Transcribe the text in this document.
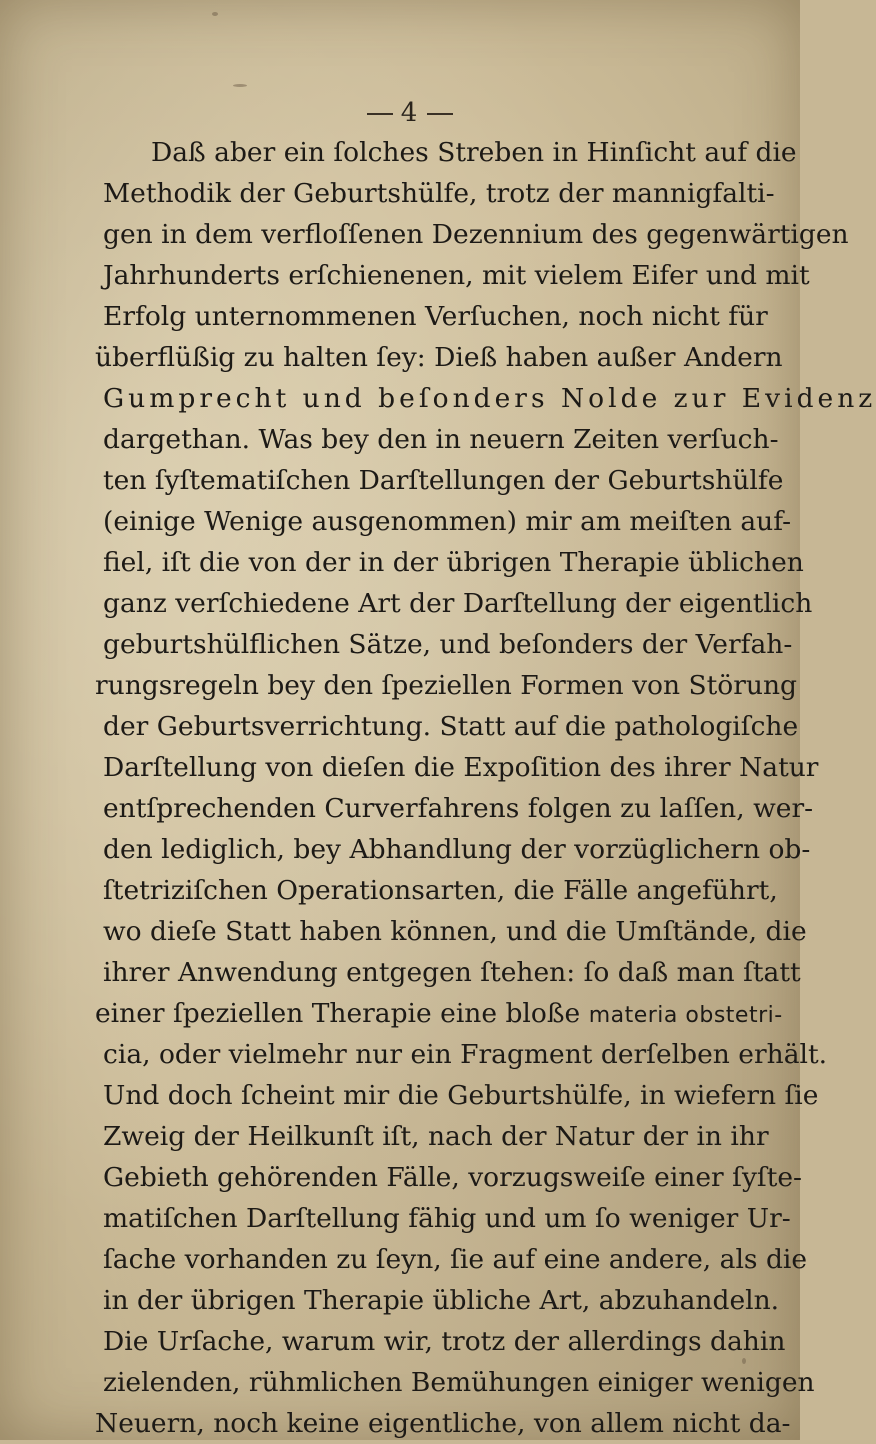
4
Daß aber ein ſolches Streben in Hinſicht auf die
Methodik der Geburtshülfe, trotz der mannigfalti-
gen in dem verfloſſenen Dezennium des gegenwärtigen
Jahrhunderts erſchienenen, mit vielem Eifer und mit
Erfolg unternommenen Verſuchen, noch nicht für
überflüßig zu halten ſey: Dieß haben außer Andern
Gumprecht und beſonders Nolde zur Evidenz
dargethan. Was bey den in neuern Zeiten verſuch-
ten ſyſtematiſchen Darſtellungen der Geburtshülfe
(einige Wenige ausgenommen) mir am meiſten auf-
fiel, iſt die von der in der übrigen Therapie üblichen
ganz verſchiedene Art der Darſtellung der eigentlich
geburtshülflichen Sätze, und beſonders der Verfah-
rungsregeln bey den ſpeziellen Formen von Störung
der Geburtsverrichtung. Statt auf die pathologiſche
Darſtellung von dieſen die Expoſition des ihrer Natur
entſprechenden Curverfahrens folgen zu laſſen, wer-
den lediglich, bey Abhandlung der vorzüglichern ob-
ſtetriziſchen Operationsarten, die Fälle angeführt,
wo dieſe Statt haben können, und die Umſtände, die
ihrer Anwendung entgegen ſtehen: ſo daß man ſtatt
einer ſpeziellen Therapie eine bloße materia obstetri-
cia, oder vielmehr nur ein Fragment derſelben erhält.
Und doch ſcheint mir die Geburtshülfe, in wiefern ſie
Zweig der Heilkunſt iſt, nach der Natur der in ihr
Gebieth gehörenden Fälle, vorzugsweiſe einer ſyſte-
matiſchen Darſtellung fähig und um ſo weniger Ur-
ſache vorhanden zu ſeyn, ſie auf eine andere, als die
in der übrigen Therapie übliche Art, abzuhandeln.
Die Urſache, warum wir, trotz der allerdings dahin
zielenden, rühmlichen Bemühungen einiger wenigen
Neuern, noch keine eigentliche, von allem nicht da-
